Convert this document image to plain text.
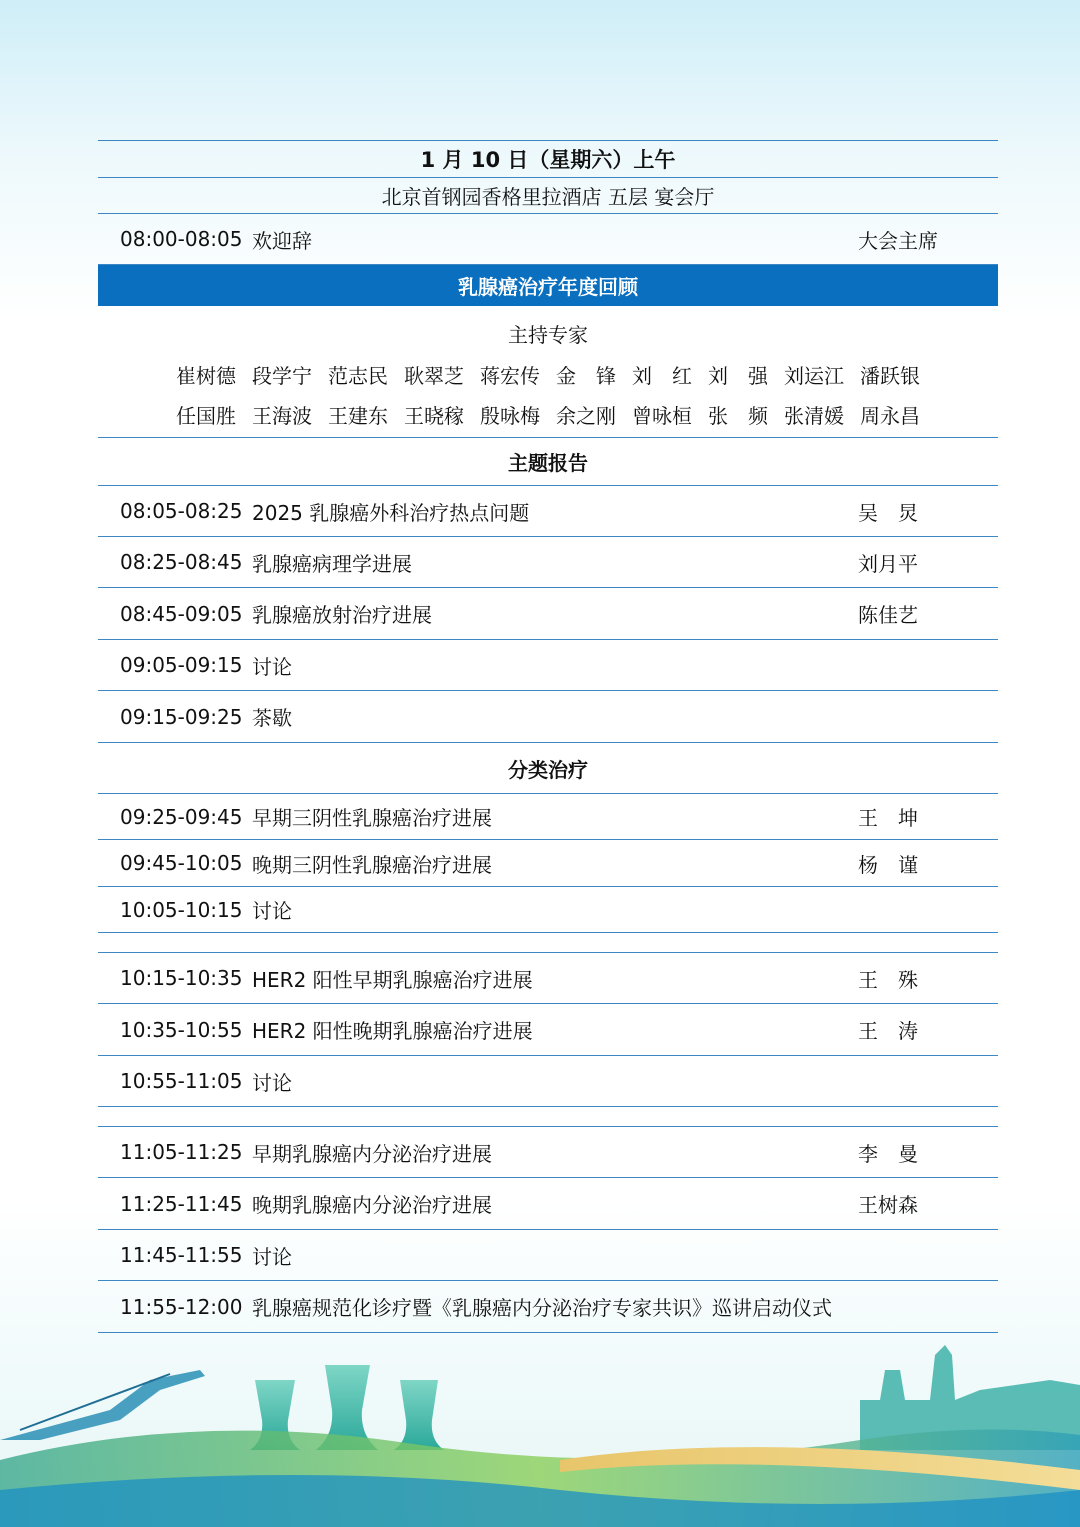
1 月 10 日（星期六）上午
北京首钢园香格里拉酒店 五层 宴会厅
08:00-08:05 欢迎辞	大会主席
乳腺癌治疗年度回顾
主持专家
崔树德 段学宁 范志民 耿翠芝 蒋宏传 金　锋 刘　红 刘　强 刘运江 潘跃银
任国胜 王海波 王建东 王晓稼 殷咏梅 余之刚 曾咏桓 张　频 张清媛 周永昌
主题报告
08:05-08:25 2025 乳腺癌外科治疗热点问题	吴　炅
08:25-08:45 乳腺癌病理学进展	刘月平
08:45-09:05 乳腺癌放射治疗进展	陈佳艺
09:05-09:15 讨论
09:15-09:25 茶歇
分类治疗
09:25-09:45 早期三阴性乳腺癌治疗进展	王　坤
09:45-10:05 晚期三阴性乳腺癌治疗进展	杨　谨
10:05-10:15 讨论
10:15-10:35 HER2 阳性早期乳腺癌治疗进展	王　殊
10:35-10:55 HER2 阳性晚期乳腺癌治疗进展	王　涛
10:55-11:05 讨论
11:05-11:25 早期乳腺癌内分泌治疗进展	李　曼
11:25-11:45 晚期乳腺癌内分泌治疗进展	王树森
11:45-11:55 讨论
11:55-12:00 乳腺癌规范化诊疗暨《乳腺癌内分泌治疗专家共识》巡讲启动仪式
